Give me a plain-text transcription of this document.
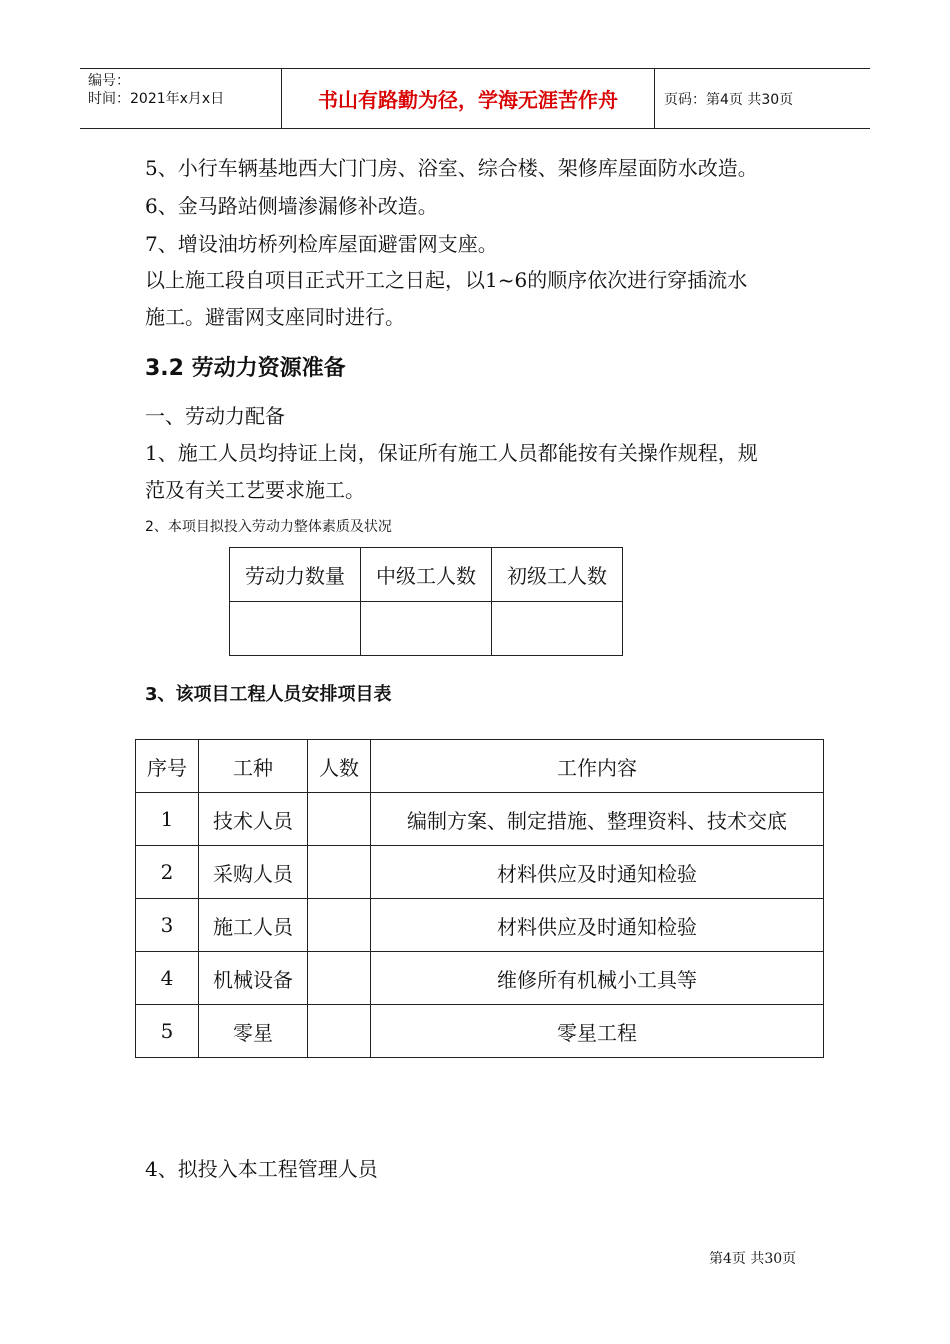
编号：
时间：2021年x月x日	书山有路勤为径，学海无涯苦作舟	页码：第4页 共30页
5、小行车辆基地西大门门房、浴室、综合楼、架修库屋面防水改造。
6、金马路站侧墙渗漏修补改造。
7、增设油坊桥列检库屋面避雷网支座。
以上施工段自项目正式开工之日起，以1~6的顺序依次进行穿插流水
施工。避雷网支座同时进行。
3.2 劳动力资源准备
一、劳动力配备
1、施工人员均持证上岗，保证所有施工人员都能按有关操作规程，规
范及有关工艺要求施工。
2、本项目拟投入劳动力整体素质及状况
劳动力数量	中级工人数	初级工人数

3、该项目工程人员安排项目表
序号	工种	人数	工作内容
1	技术人员		编制方案、制定措施、整理资料、技术交底
2	采购人员		材料供应及时通知检验
3	施工人员		材料供应及时通知检验
4	机械设备		维修所有机械小工具等
5	零星		零星工程
4、拟投入本工程管理人员
第4页 共30页
